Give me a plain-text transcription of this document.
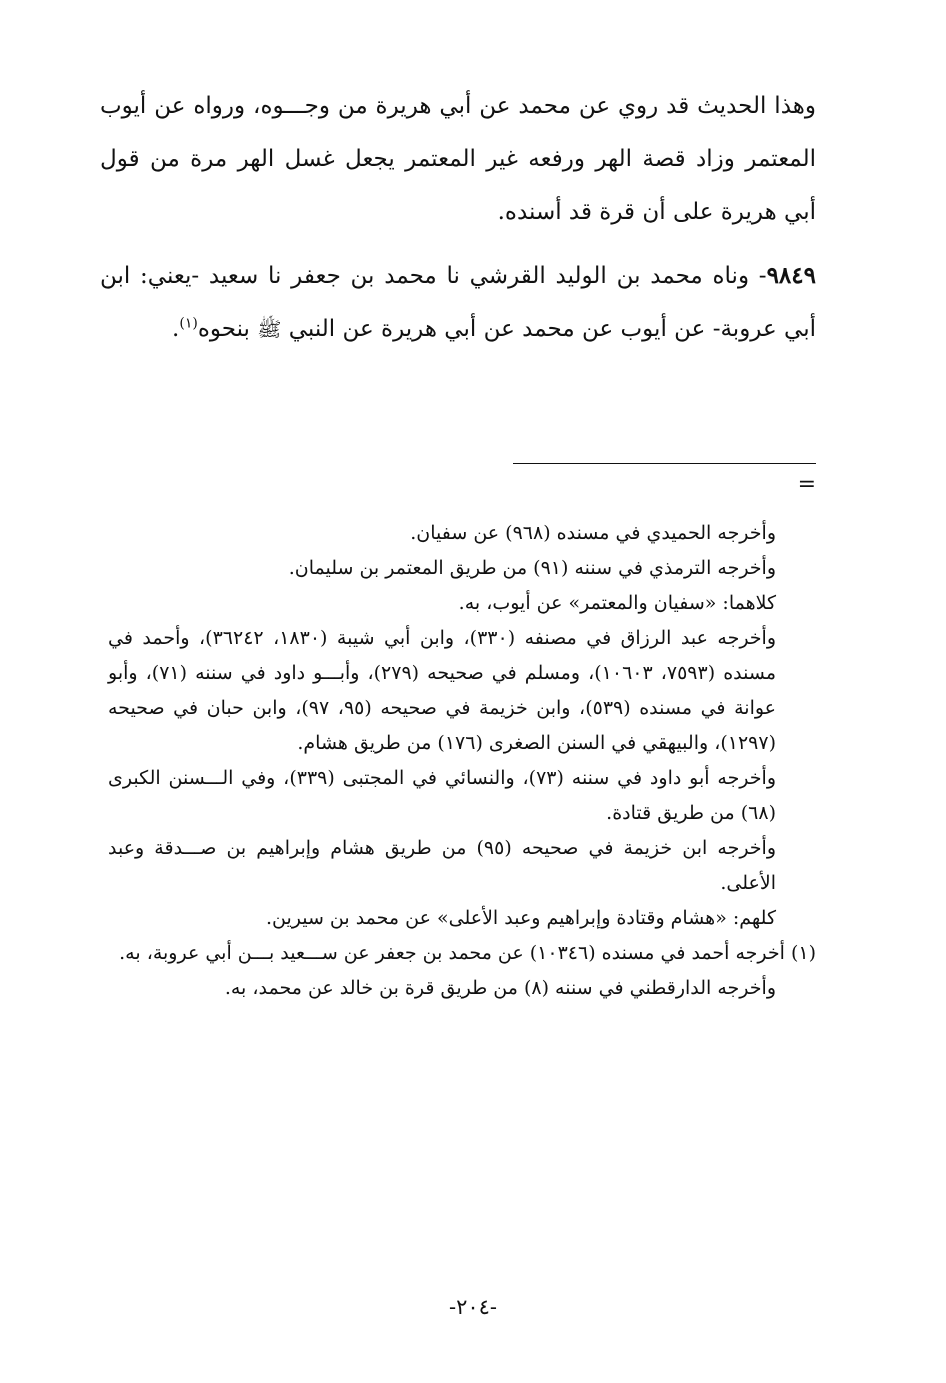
وهذا الحديث قد روي عن محمد عن أبي هريرة من وجـــوه، ورواه عن أيوب المعتمر وزاد قصة الهر ورفعه غير المعتمر يجعل غسل الهر مرة من قول أبي هريرة على أن قرة قد أسنده.

٩٨٤٩- وناه محمد بن الوليد القرشي نا محمد بن جعفر نا سعيد -يعني: ابن أبي عروبة- عن أيوب عن محمد عن أبي هريرة عن النبي ﷺ بنحوه$^{(١)}$.

=

وأخرجه الحميدي في مسنده (٩٦٨) عن سفيان.

وأخرجه الترمذي في سننه (٩١) من طريق المعتمر بن سليمان.

كلاهما: «سفيان والمعتمر» عن أيوب، به.

وأخرجه عبد الرزاق في مصنفه (٣٣٠)، وابن أبي شيبة (١٨٣٠، ٣٦٢٤٢)، وأحمد في مسنده (٧٥٩٣، ١٠٦٠٣)، ومسلم في صحيحه (٢٧٩)، وأبـــو داود في سننه (٧١)، وأبو عوانة في مسنده (٥٣٩)، وابن خزيمة في صحيحه (٩٥، ٩٧)، وابن حبان في صحيحه (١٢٩٧)، والبيهقي في السنن الصغرى (١٧٦) من طريق هشام.

وأخرجه أبو داود في سننه (٧٣)، والنسائي في المجتبى (٣٣٩)، وفي الـــسنن الكبرى (٦٨) من طريق قتادة.

وأخرجه ابن خزيمة في صحيحه (٩٥) من طريق هشام وإبراهيم بن صـــدقة وعبد الأعلى.

كلهم: «هشام وقتادة وإبراهيم وعبد الأعلى» عن محمد بن سيرين.

(١) أخرجه أحمد في مسنده (١٠٣٤٦) عن محمد بن جعفر عن ســـعيد بـــن أبي عروبة، به.

وأخرجه الدارقطني في سننه (٨) من طريق قرة بن خالد عن محمد، به.

-٢٠٤-
